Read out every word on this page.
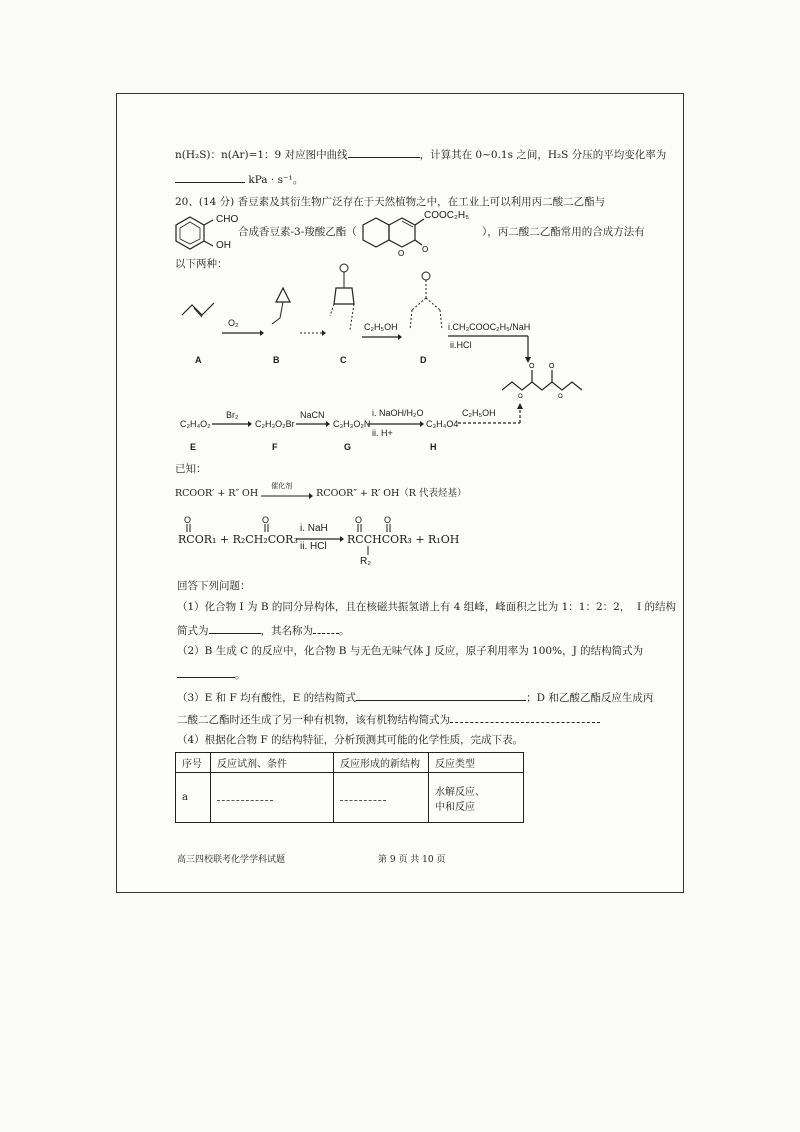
n(H₂S)：n(Ar)=1：9 对应图中曲线	，计算其在 0~0.1s 之间，H₂S 分压的平均变化率为
kPa · s⁻¹。
20、(14 分) 香豆素及其衍生物广泛存在于天然植物之中，在工业上可以利用丙二酸二乙酯与
CHO
OH
合成香豆素-3-羧酸乙酯（
O O
COOC₂H₅
），丙二酸二乙酯常用的合成方法有
以下两种：
A
O₂
B	C
C₂H₅OH
D
i.CH₃COOC₂H₅/NaH
ii.HCl
O O
O	O
C₂H₄O₂
Br₂
C₂H₃O₂Br
NaCN
C₃H₃O₂N
i. NaOH/H₂O
ii. H+
C₃H₄O4
C₂H₅OH
E	F	G	H
已知：
RCOOR′ + R″ OH
催化剂
RCOOR″ + R′ OH（R 代表烃基）
O	O	O O
RCOR₁ + R₂CH₂COR₃
i. NaH
ii. HCl
RCCHCOR₃ + R₁OH
R₂
回答下列问题：
（1）化合物 I 为 B 的同分异构体，且在核磁共振氢谱上有 4 组峰，峰面积之比为 1：1：2：2， I 的结构
简式为	，其名称为 。
（2）B 生成 C 的反应中，化合物 B 与无色无味气体 J 反应，原子利用率为 100%，J 的结构简式为
。
（3）E 和 F 均有酸性，E 的结构简式	；D 和乙酸乙酯反应生成丙
二酸二乙酯时还生成了另一种有机物，该有机物结构简式为
（4）根据化合物 F 的结构特征，分析预测其可能的化学性质，完成下表。
序号	反应试剂、条件	反应形成的新结构	反应类型
a			水解反应、
中和反应
高三四校联考化学学科试题	第 9 页 共 10 页
